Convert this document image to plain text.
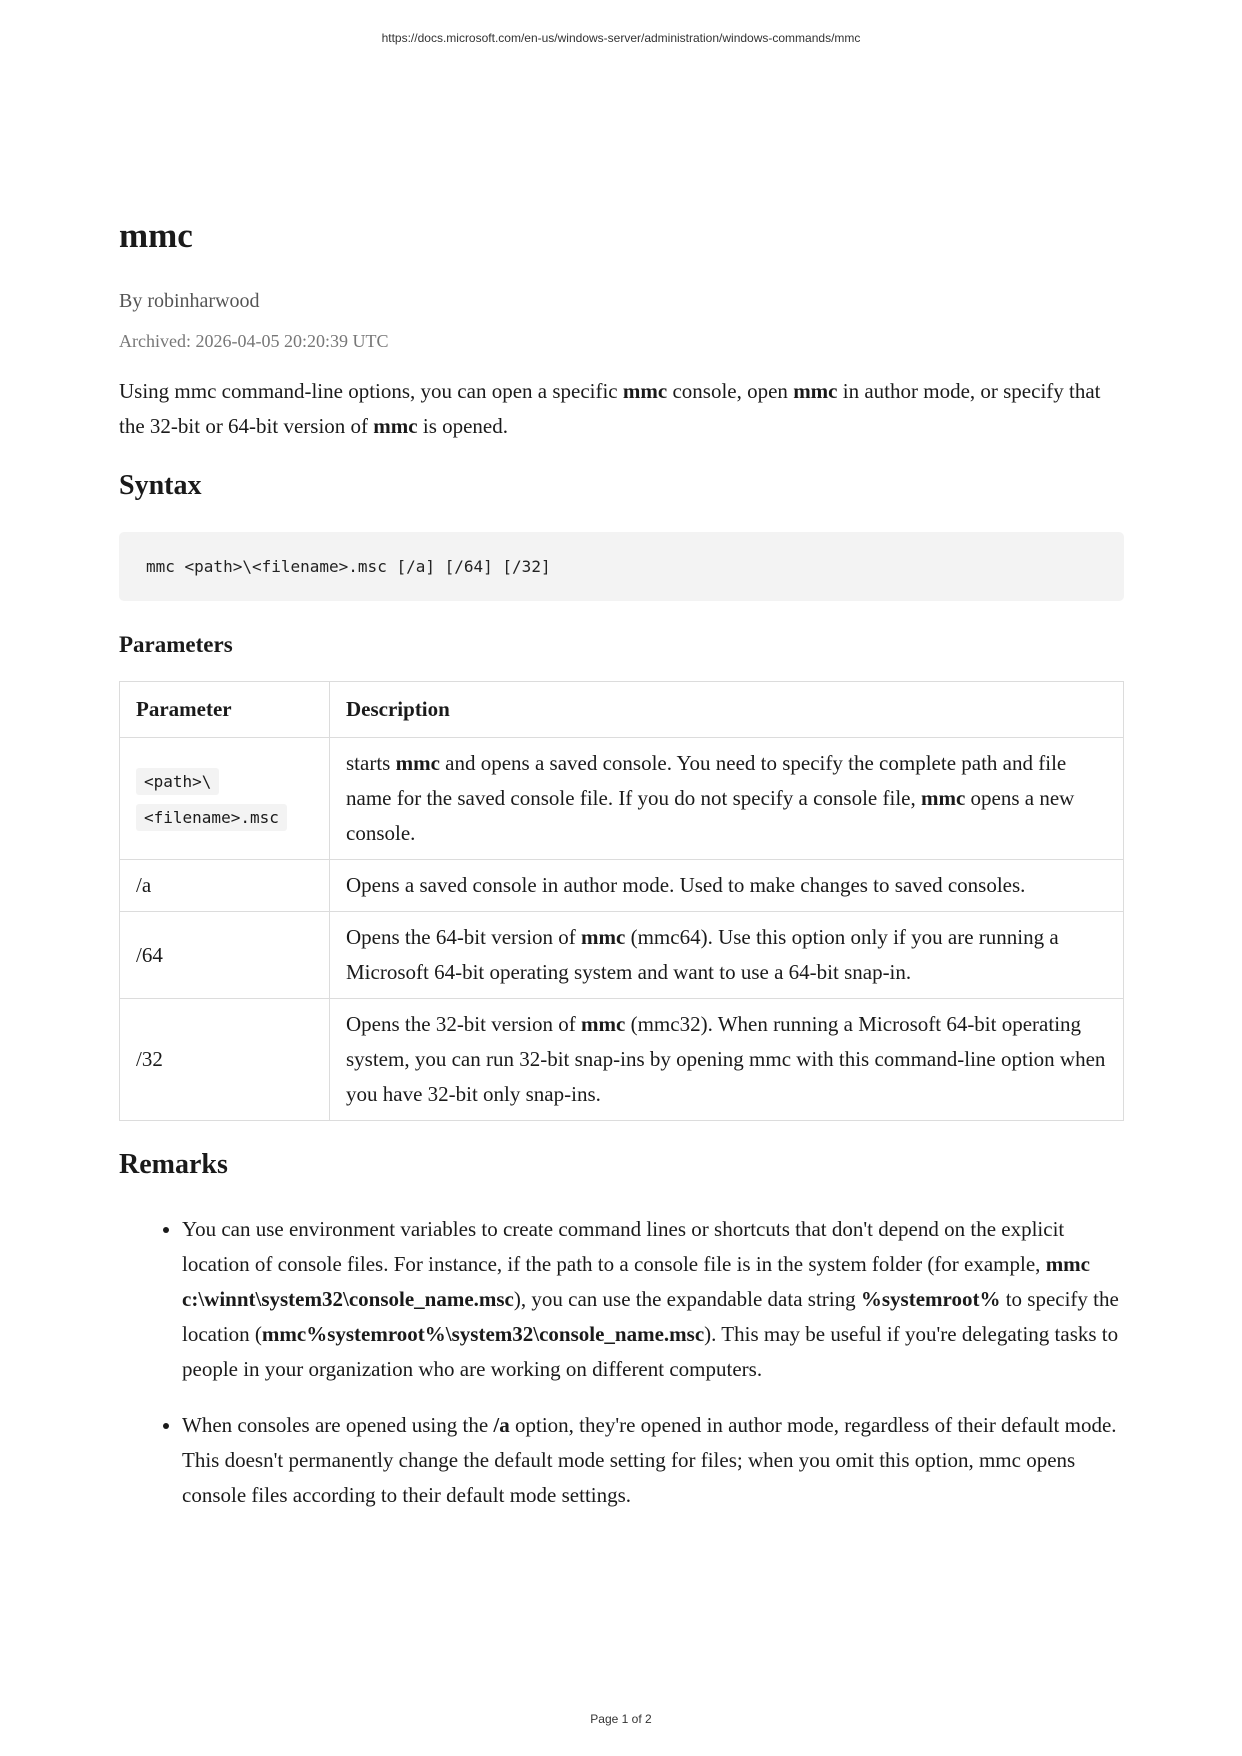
https://docs.microsoft.com/en-us/windows-server/administration/windows-commands/mmc
mmc
By robinharwood
Archived: 2026-04-05 20:20:39 UTC

Using mmc command-line options, you can open a specific mmc console, open mmc in author mode, or specify that the 32-bit or 64-bit version of mmc is opened.

Syntax
mmc <path>\<filename>.msc [/a] [/64] [/32]
Parameters
Parameter	Description
<path>\
<filename>.msc	starts mmc and opens a saved console. You need to specify the complete path and file name for the saved console file. If you do not specify a console file, mmc opens a new console.
/a	Opens a saved console in author mode. Used to make changes to saved consoles.
/64	Opens the 64-bit version of mmc (mmc64). Use this option only if you are running a Microsoft 64-bit operating system and want to use a 64-bit snap-in.
/32	Opens the 32-bit version of mmc (mmc32). When running a Microsoft 64-bit operating system, you can run 32-bit snap-ins by opening mmc with this command-line option when you have 32-bit only snap-ins.
Remarks
• You can use environment variables to create command lines or shortcuts that don't depend on the explicit location of console files. For instance, if the path to a console file is in the system folder (for example, mmc c:\winnt\system32\console_name.msc), you can use the expandable data string %systemroot% to specify the location (mmc%systemroot%\system32\console_name.msc). This may be useful if you're delegating tasks to people in your organization who are working on different computers.
• When consoles are opened using the /a option, they're opened in author mode, regardless of their default mode. This doesn't permanently change the default mode setting for files; when you omit this option, mmc opens console files according to their default mode settings.
Page 1 of 2
